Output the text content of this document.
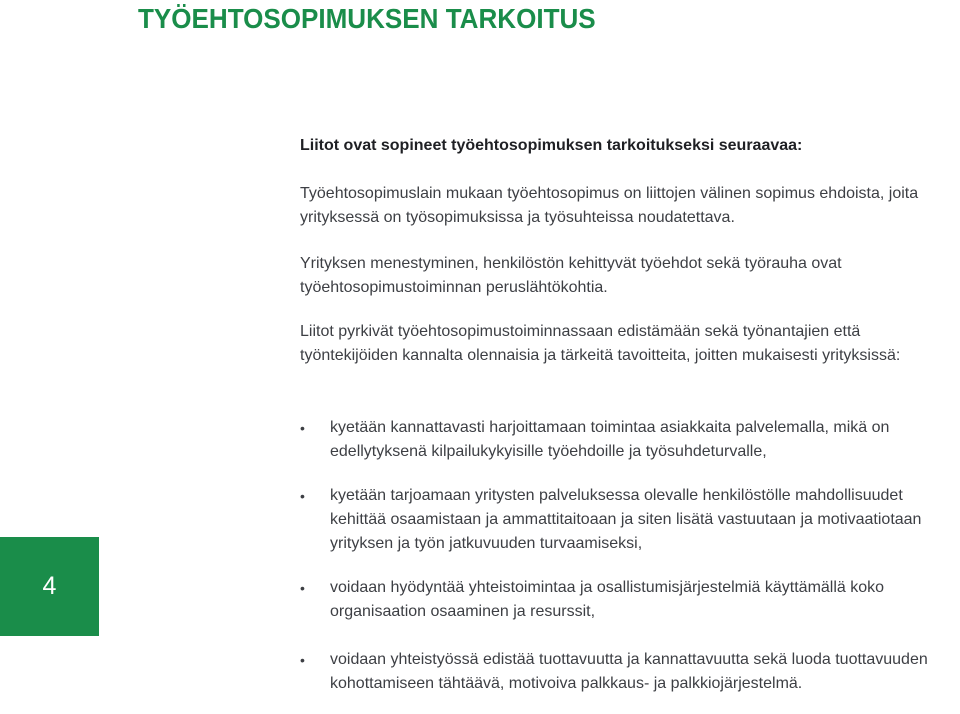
TYÖEHTOSOPIMUKSEN TARKOITUS
4

Liitot ovat sopineet työehtosopimuksen tarkoitukseksi seuraavaa:

Työehtosopimuslain mukaan työehtosopimus on liittojen välinen sopimus ehdoista, joita yrityksessä on työsopimuksissa ja työsuhteissa noudatettava.

Yrityksen menestyminen, henkilöstön kehittyvät työehdot sekä työrauha ovat työehtosopimustoiminnan peruslähtökohtia.

Liitot pyrkivät työehtosopimustoiminnassaan edistämään sekä työnantajien että työntekijöiden kannalta olennaisia ja tärkeitä tavoitteita, joitten mukaisesti yrityksissä:

•	kyetään kannattavasti harjoittamaan toimintaa asiakkaita palvelemalla, mikä on edellytyksenä kilpailukykyisille työehdoille ja työsuhdeturvalle,
•	kyetään tarjoamaan yritysten palveluksessa olevalle henkilöstölle mahdollisuudet kehittää osaamistaan ja ammattitaitoaan ja siten lisätä vastuutaan ja motivaatiotaan yrityksen ja työn jatkuvuuden turvaamiseksi,
•	voidaan hyödyntää yhteistoimintaa ja osallistumisjärjestelmiä käyttämällä koko organisaation osaaminen ja resurssit,
•	voidaan yhteistyössä edistää tuottavuutta ja kannattavuutta sekä luoda tuottavuuden kohottamiseen tähtäävä, motivoiva palkkaus- ja palkkiojärjestelmä.
